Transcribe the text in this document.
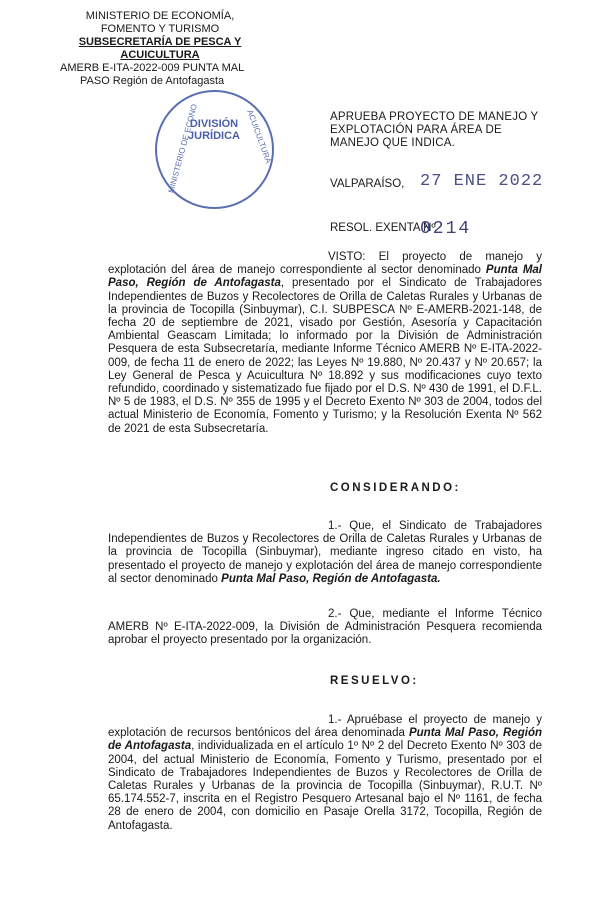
MINISTERIO DE ECONOMÍA,
FOMENTO Y TURISMO
SUBSECRETARÍA DE PESCA Y
ACUICULTURA
AMERB E-ITA-2022-009 PUNTA MAL
PASO Región de Antofagasta
MINISTERIO DE ECONO	ACUICULTURA
DIVISIÓN
JURÍDICA
APRUEBA PROYECTO DE MANEJO Y EXPLOTACIÓN PARA ÁREA DE MANEJO QUE INDICA.
VALPARAÍSO, 27 ENE 2022
RESOL. EXENTA Nº
0214

VISTO: El proyecto de manejo y explotación del área de manejo correspondiente al sector denominado Punta Mal Paso, Región de Antofagasta, presentado por el Sindicato de Trabajadores Independientes de Buzos y Recolectores de Orilla de Caletas Rurales y Urbanas de la provincia de Tocopilla (Sinbuymar), C.I. SUBPESCA Nº E-AMERB-2021-148, de fecha 20 de septiembre de 2021, visado por Gestión, Asesoría y Capacitación Ambiental Geascam Limitada; lo informado por la División de Administración Pesquera de esta Subsecretaría, mediante Informe Técnico AMERB Nº E-ITA-2022-009, de fecha 11 de enero de 2022; las Leyes Nº 19.880, Nº 20.437 y Nº 20.657; la Ley General de Pesca y Acuicultura Nº 18.892 y sus modificaciones cuyo texto refundido, coordinado y sistematizado fue fijado por el D.S. Nº 430 de 1991, el D.F.L. Nº 5 de 1983, el D.S. Nº 355 de 1995 y el Decreto Exento Nº 303 de 2004, todos del actual Ministerio de Economía, Fomento y Turismo; y la Resolución Exenta Nº 562 de 2021 de esta Subsecretaría.

CONSIDERANDO:

1.- Que, el Sindicato de Trabajadores Independientes de Buzos y Recolectores de Orilla de Caletas Rurales y Urbanas de la provincia de Tocopilla (Sinbuymar), mediante ingreso citado en visto, ha presentado el proyecto de manejo y explotación del área de manejo correspondiente al sector denominado Punta Mal Paso, Región de Antofagasta.

2.- Que, mediante el Informe Técnico AMERB Nº E-ITA-2022-009, la División de Administración Pesquera recomienda aprobar el proyecto presentado por la organización.

RESUELVO:

1.- Apruébase el proyecto de manejo y explotación de recursos bentónicos del área denominada Punta Mal Paso, Región de Antofagasta, individualizada en el artículo 1º Nº 2 del Decreto Exento Nº 303 de 2004, del actual Ministerio de Economía, Fomento y Turismo, presentado por el Sindicato de Trabajadores Independientes de Buzos y Recolectores de Orilla de Caletas Rurales y Urbanas de la provincia de Tocopilla (Sinbuymar), R.U.T. Nº 65.174.552-7, inscrita en el Registro Pesquero Artesanal bajo el Nº 1161, de fecha 28 de enero de 2004, con domicilio en Pasaje Orella 3172, Tocopilla, Región de Antofagasta.
